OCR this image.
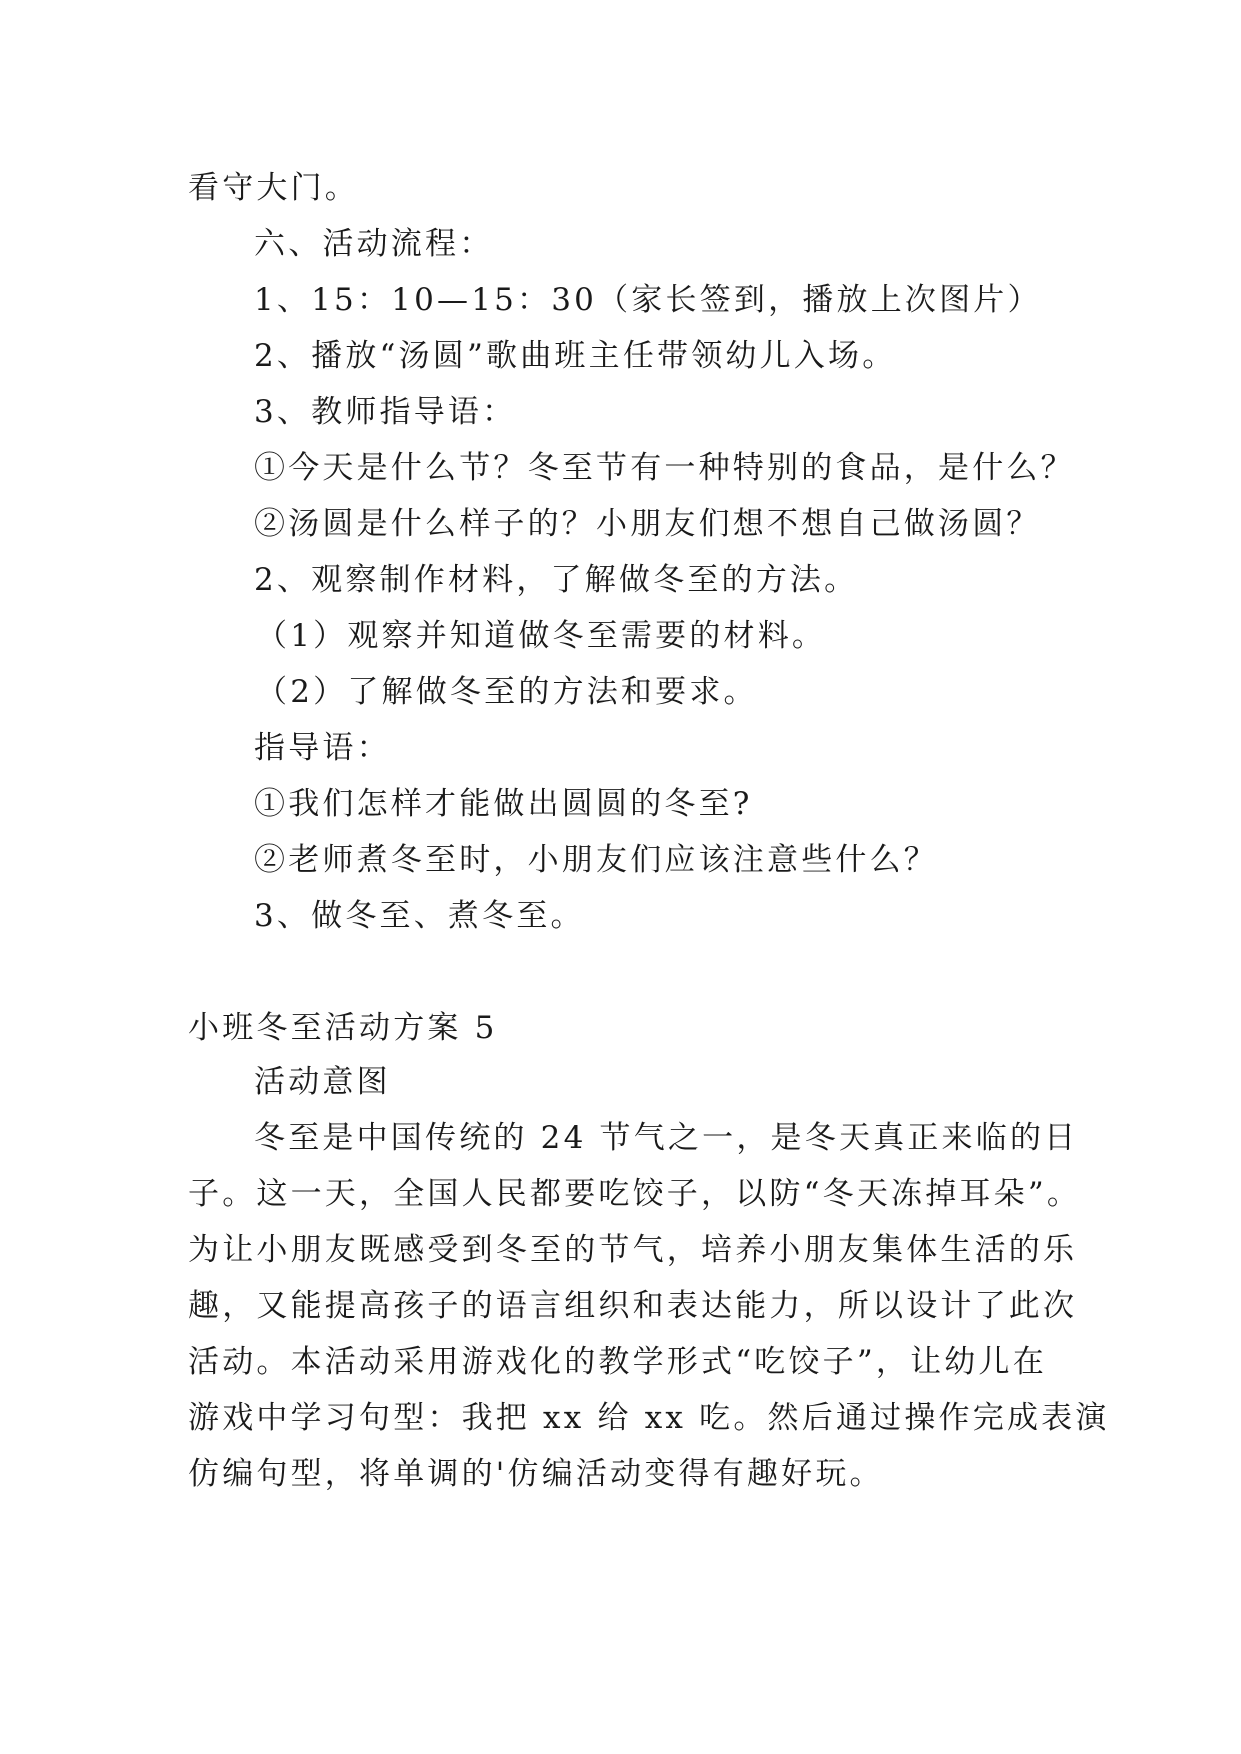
看守大门。
六、活动流程：
1、15：10—15：30（家长签到，播放上次图片）
2、播放“汤圆”歌曲班主任带领幼儿入场。
3、教师指导语：
①今天是什么节？冬至节有一种特别的食品，是什么？
②汤圆是什么样子的？小朋友们想不想自己做汤圆？
2、观察制作材料，了解做冬至的方法。
（1）观察并知道做冬至需要的材料。
（2）了解做冬至的方法和要求。
指导语：
①我们怎样才能做出圆圆的冬至?
②老师煮冬至时，小朋友们应该注意些什么？
3、做冬至、煮冬至。
小班冬至活动方案 5
活动意图
冬至是中国传统的 24 节气之一，是冬天真正来临的日
子。这一天，全国人民都要吃饺子，以防“冬天冻掉耳朵”。
为让小朋友既感受到冬至的节气，培养小朋友集体生活的乐
趣，又能提高孩子的语言组织和表达能力，所以设计了此次
活动。本活动采用游戏化的教学形式“吃饺子”，让幼儿在
游戏中学习句型：我把 xx 给 xx 吃。然后通过操作完成表演
仿编句型，将单调的'仿编活动变得有趣好玩。
